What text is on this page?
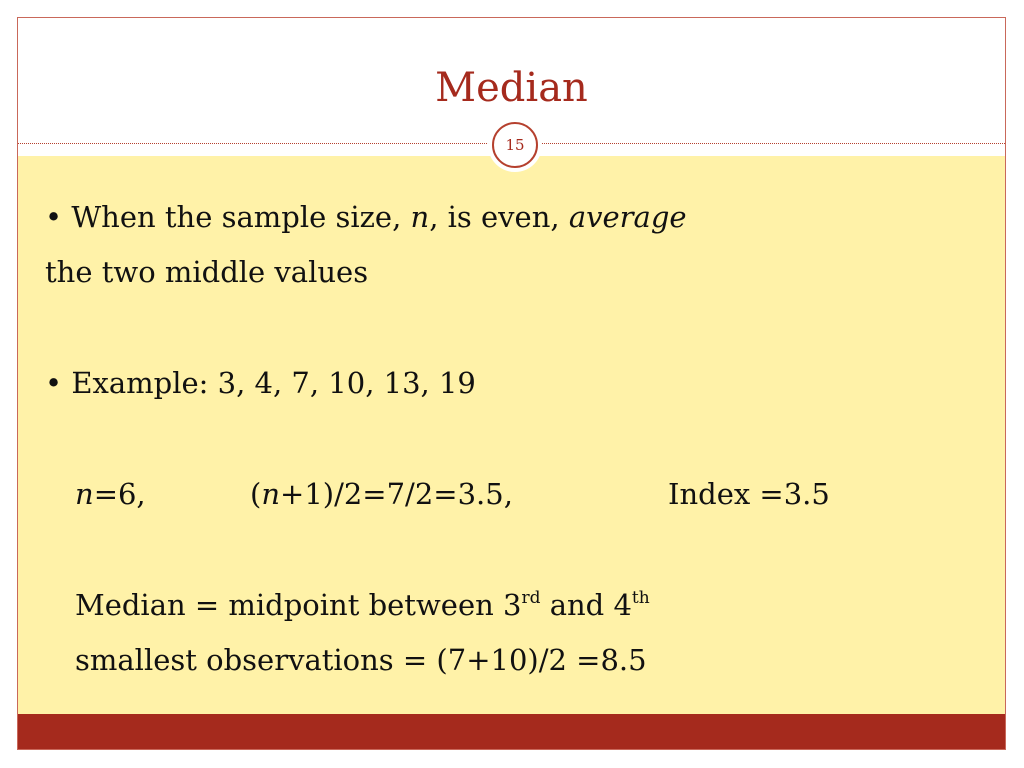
Median
15

• When the sample size, n, is even, average

the two middle values

• Example: 3, 4, 7, 10, 13, 19

n=6,	(n+1)/2=7/2=3.5,	Index =3.5

Median = midpoint between 3rd and 4th

smallest observations = (7+10)/2 =8.5
